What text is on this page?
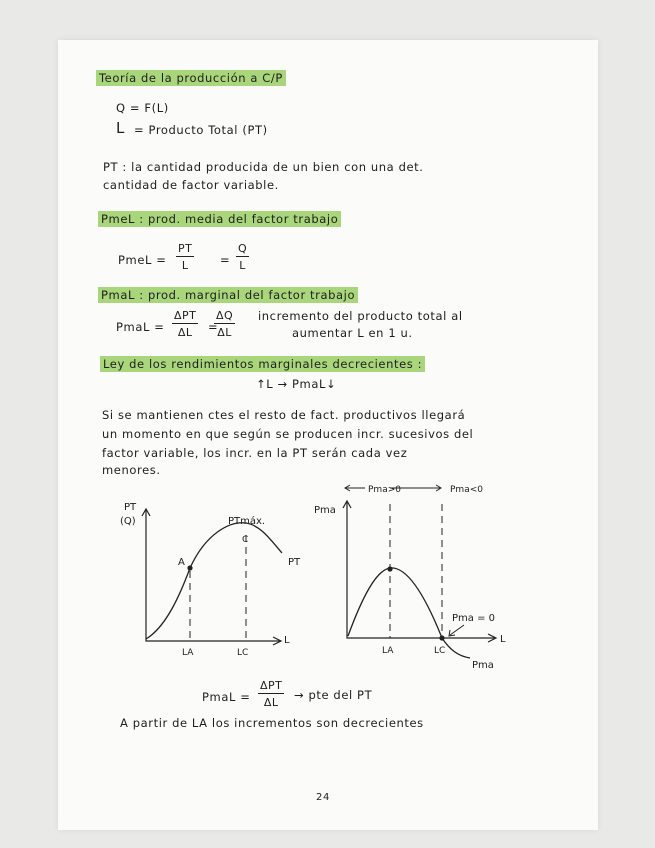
Teoría de la producción a C/P
Q = F(L)
L = Producto Total (PT)
PT : la cantidad producida de un bien con una det.
cantidad de factor variable.
PmeL : prod. media del factor trabajo
PmeL = $\frac{PT}{L} = \frac{Q}{L}$
PmaL : prod. marginal del factor trabajo
PmaL =
ΔPT
ΔL =
$\frac{\Delta Q}{\Delta L}$ incremento del producto total al
aumentar L en 1 u.
Ley de los rendimientos marginales decrecientes :
↑L → PmaL↓
Si se mantienen ctes el resto de fact. productivos llegará
un momento en que según se producen incr. sucesivos del
factor variable, los incr. en la PT serán cada vez
menores.
PT
(Q)	PTmáx.
C
A	PT
L
LA	LC
Pma>0	Pma<0
Pma
Pma = 0
L
LA	LC
Pma
PmaL =
ΔPT
ΔL
→ pte del PT
A partir de LA los incrementos son decrecientes
24
